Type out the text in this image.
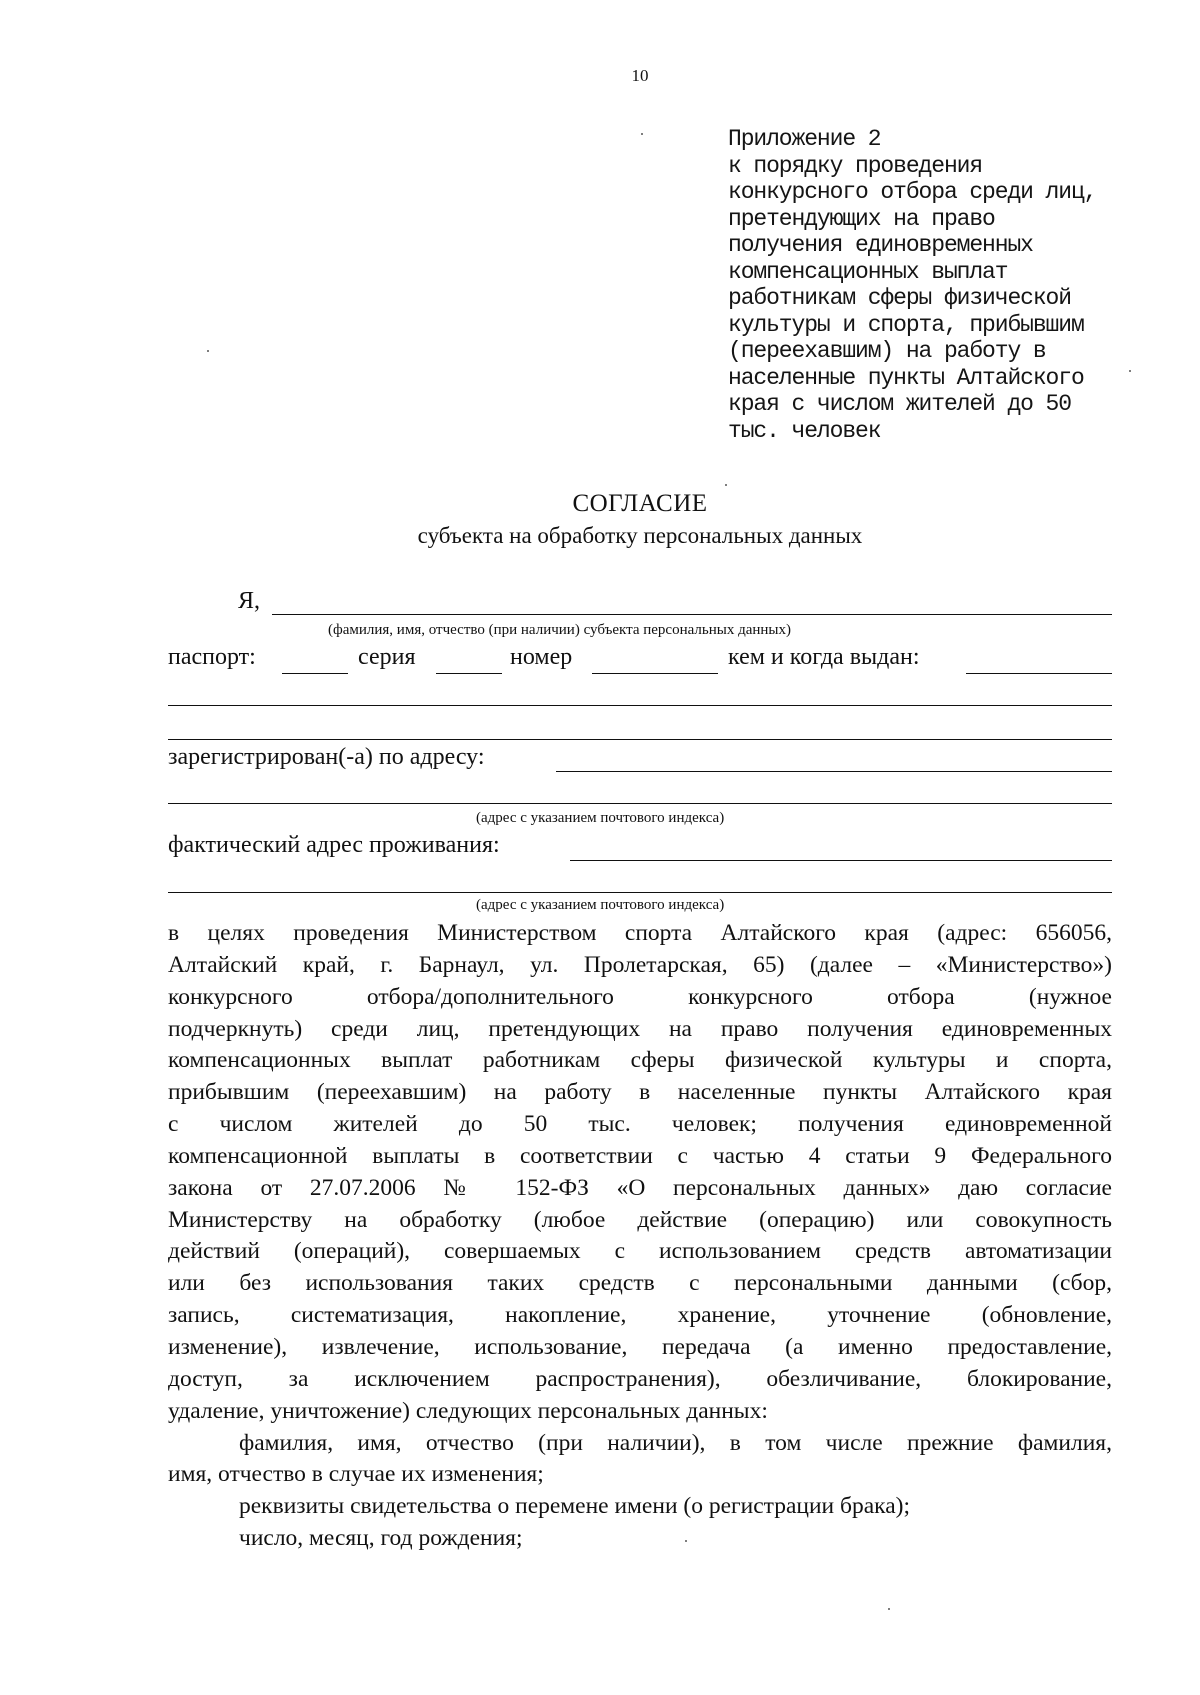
10
Приложение 2
к порядку проведения
конкурсного отбора среди лиц,
претендующих на право
получения единовременных
компенсационных выплат
работникам сферы физической
культуры и спорта, прибывшим
(переехавшим) на работу в
населенные пункты Алтайского
края с числом жителей до 50
тыс. человек
СОГЛАСИЕ
субъекта на обработку персональных данных
Я,
(фамилия, имя, отчество (при наличии) субъекта персональных данных)
паспорт:	серия	номер	кем и когда выдан:
зарегистрирован(-а) по адресу:
(адрес с указанием почтового индекса)
фактический адрес проживания:
(адрес с указанием почтового индекса)
в целях проведения Министерством спорта Алтайского края (адрес: 656056,
Алтайский край, г. Барнаул, ул. Пролетарская, 65) (далее – «Министерство»)
конкурсного отбора/дополнительного конкурсного отбора (нужное
подчеркнуть) среди лиц, претендующих на право получения единовременных
компенсационных выплат работникам сферы физической культуры и спорта,
прибывшим (переехавшим) на работу в населенные пункты Алтайского края
с числом жителей до 50 тыс. человек; получения единовременной
компенсационной выплаты в соответствии с частью 4 статьи 9 Федерального
закона от 27.07.2006 № 152-ФЗ «О персональных данных» даю согласие
Министерству на обработку (любое действие (операцию) или совокупность
действий (операций), совершаемых с использованием средств автоматизации
или без использования таких средств с персональными данными (сбор,
запись, систематизация, накопление, хранение, уточнение (обновление,
изменение), извлечение, использование, передача (а именно предоставление,
доступ, за исключением распространения), обезличивание, блокирование,
удаление, уничтожение) следующих персональных данных:
фамилия, имя, отчество (при наличии), в том числе прежние фамилия,
имя, отчество в случае их изменения;
реквизиты свидетельства о перемене имени (о регистрации брака);
число, месяц, год рождения;
